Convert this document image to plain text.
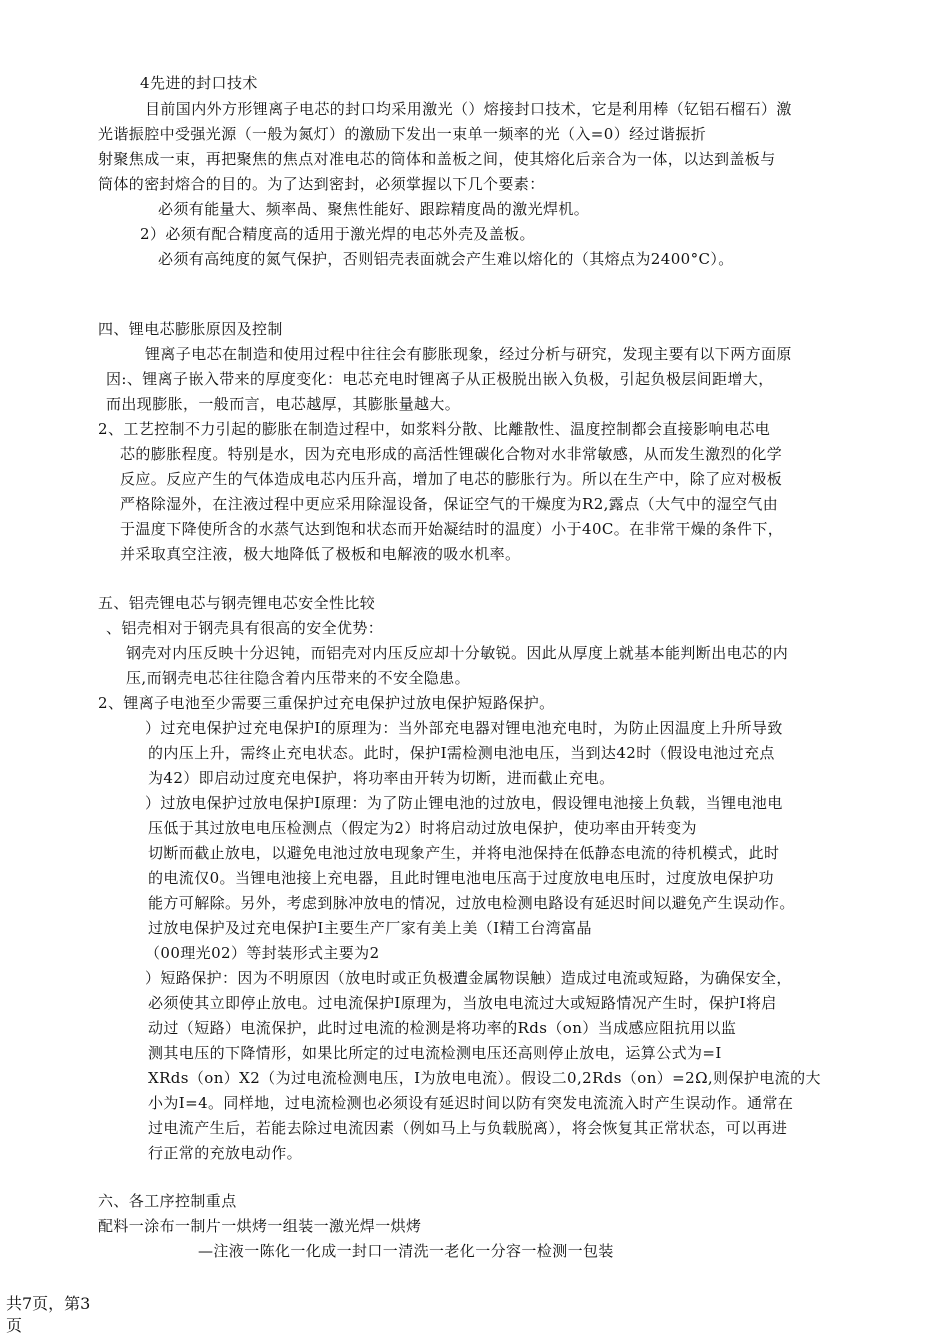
4先进的封口技术
目前国内外方形锂离子电芯的封口均采用激光（）熔接封口技术，它是利用棒（钇铝石榴石）激
光谐振腔中受强光源（一般为氮灯）的激励下发出一束单一频率的光（入=0）经过谐振折
射聚焦成一束，再把聚焦的焦点对准电芯的筒体和盖板之间，使其熔化后亲合为一体，以达到盖板与
筒体的密封熔合的目的。为了达到密封，必须掌握以下几个要素：
必须有能量大、频率咼、聚焦性能好、跟踪精度咼的激光焊机。
2）必须有配合精度高的适用于激光焊的电芯外壳及盖板。
必须有高纯度的氮气保护，否则铝壳表面就会产生难以熔化的（其熔点为2400°C）。
四、锂电芯膨胀原因及控制
锂离子电芯在制造和使用过程中往往会有膨胀现象，经过分析与研究，发现主要有以下两方面原
因:、锂离子嵌入带来的厚度变化：电芯充电时锂离子从正极脱出嵌入负极，引起负极层间距增大，
而出现膨胀，一般而言，电芯越厚，其膨胀量越大。
2、工艺控制不力引起的膨胀在制造过程中，如浆料分散、比離散性、温度控制都会直接影响电芯电
芯的膨胀程度。特别是水，因为充电形成的高活性锂碳化合物对水非常敏感，从而发生激烈的化学
反应。反应产生的气体造成电芯内压升高，增加了电芯的膨胀行为。所以在生产中，除了应对极板
严格除湿外，在注液过程中更应采用除湿设备，保证空气的干燥度为R2,露点（大气中的湿空气由
于温度下降使所含的水蒸气达到饱和状态而开始凝结时的温度）小于40C。在非常干燥的条件下，
并采取真空注液，极大地降低了极板和电解液的吸水机率。
五、铝壳锂电芯与钢壳锂电芯安全性比较
、铝壳相对于钢壳具有很高的安全优势：
钢壳对内压反映十分迟钝，而铝壳对内压反应却十分敏锐。因此从厚度上就基本能判断出电芯的内
压,而钢壳电芯往往隐含着内压带来的不安全隐患。
2、锂离子电池至少需要三重保护过充电保护过放电保护短路保护。
）过充电保护过充电保护I的原理为：当外部充电器对锂电池充电时，为防止因温度上升所导致
的内压上升，需终止充电状态。此时，保护I需检测电池电压，当到达42时（假设电池过充点
为42）即启动过度充电保护，将功率由开转为切断，进而截止充电。
）过放电保护过放电保护I原理：为了防止锂电池的过放电，假设锂电池接上负载，当锂电池电
压低于其过放电电压检测点（假定为2）时将启动过放电保护，使功率由开转变为
切断而截止放电，以避免电池过放电现象产生，并将电池保持在低静态电流的待机模式，此时
的电流仅0。当锂电池接上充电器，且此时锂电池电压高于过度放电电压时，过度放电保护功
能方可解除。另外，考虑到脉冲放电的情况，过放电检测电路设有延迟时间以避免产生误动作。
过放电保护及过充电保护I主要生产厂家有美上美（I精工台湾富晶
（00理光02）等封装形式主要为2
）短路保护：因为不明原因（放电时或正负极遭金属物误触）造成过电流或短路，为确保安全，
必须使其立即停止放电。过电流保护I原理为，当放电电流过大或短路情况产生时，保护I将启
动过（短路）电流保护，此时过电流的检测是将功率的Rds（on）当成感应阻抗用以监
测其电压的下降情形，如果比所定的过电流检测电压还高则停止放电，运算公式为=I
XRds（on）X2（为过电流检测电压，I为放电电流）。假设二0,2Rds（on）=2Ω,则保护电流的大
小为I=4。同样地，过电流检测也必须设有延迟时间以防有突发电流流入时产生误动作。通常在
过电流产生后，若能去除过电流因素（例如马上与负载脱离），将会恢复其正常状态，可以再进
行正常的充放电动作。
六、各工序控制重点
配料一涂布一制片一烘烤一组装一激光焊一烘烤
—注液一陈化一化成一封口一清洗一老化一分容一检测一包装
共7页，第3
页
